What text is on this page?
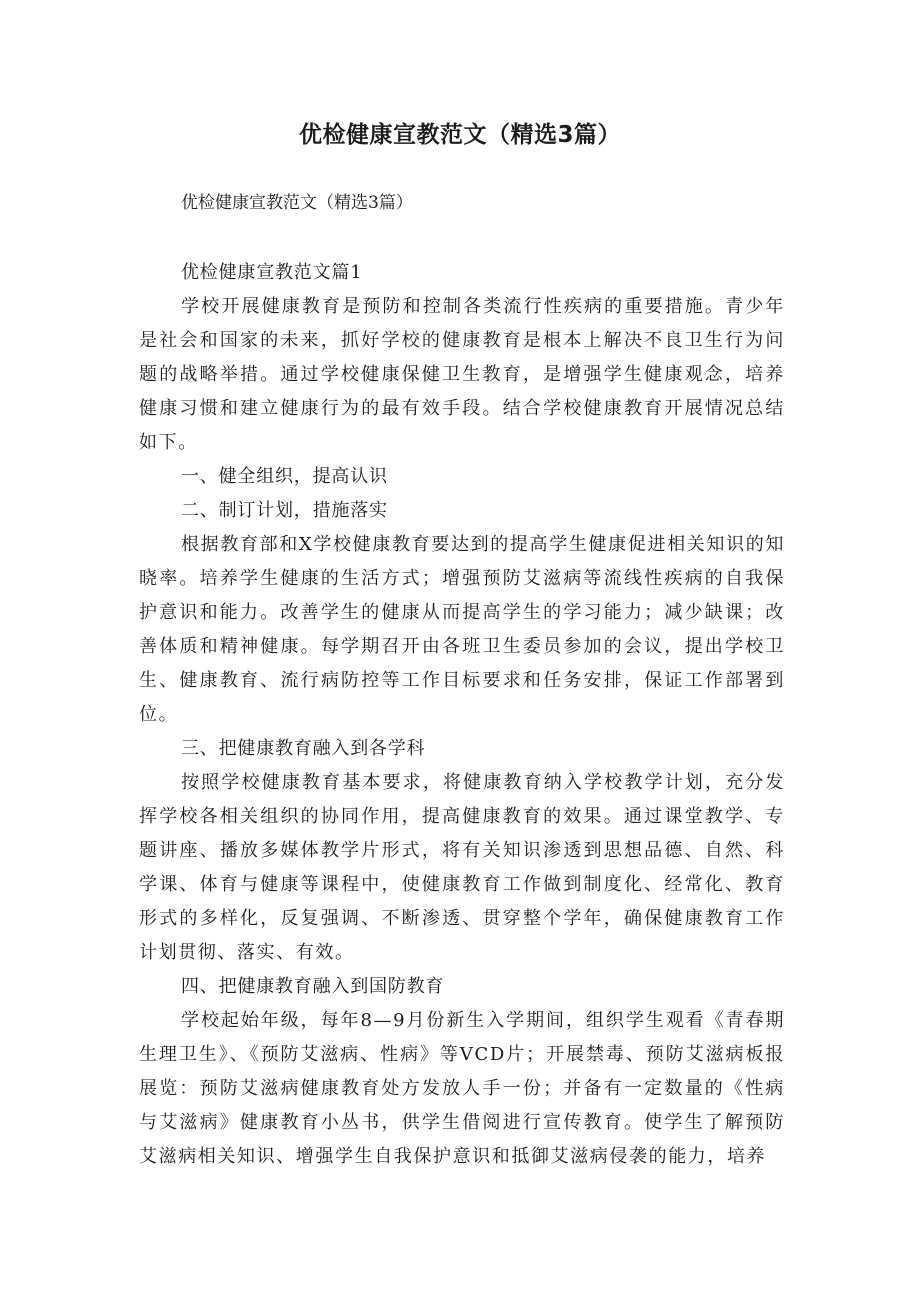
优检健康宣教范文（精选3篇）

优检健康宣教范文（精选3篇）

优检健康宣教范文篇1

学校开展健康教育是预防和控制各类流行性疾病的重要措施。青少年是社会和国家的未来，抓好学校的健康教育是根本上解决不良卫生行为问题的战略举措。通过学校健康保健卫生教育，是增强学生健康观念，培养健康习惯和建立健康行为的最有效手段。结合学校健康教育开展情况总结如下。

一、健全组织，提高认识

二、制订计划，措施落实

根据教育部和X学校健康教育要达到的提高学生健康促进相关知识的知晓率。培养学生健康的生活方式；增强预防艾滋病等流线性疾病的自我保护意识和能力。改善学生的健康从而提高学生的学习能力；减少缺课；改善体质和精神健康。每学期召开由各班卫生委员参加的会议，提出学校卫生、健康教育、流行病防控等工作目标要求和任务安排，保证工作部署到位。

三、把健康教育融入到各学科

按照学校健康教育基本要求，将健康教育纳入学校教学计划，充分发挥学校各相关组织的协同作用，提高健康教育的效果。通过课堂教学、专题讲座、播放多媒体教学片形式，将有关知识渗透到思想品德、自然、科学课、体育与健康等课程中，使健康教育工作做到制度化、经常化、教育形式的多样化，反复强调、不断渗透、贯穿整个学年，确保健康教育工作计划贯彻、落实、有效。

四、把健康教育融入到国防教育

学校起始年级，每年8—9月份新生入学期间，组织学生观看《青春期生理卫生》、《预防艾滋病、性病》等VCD片；开展禁毒、预防艾滋病板报展览：预防艾滋病健康教育处方发放人手一份；并备有一定数量的《性病与艾滋病》健康教育小丛书，供学生借阅进行宣传教育。使学生了解预防艾滋病相关知识、增强学生自我保护意识和抵御艾滋病侵袭的能力，培养
